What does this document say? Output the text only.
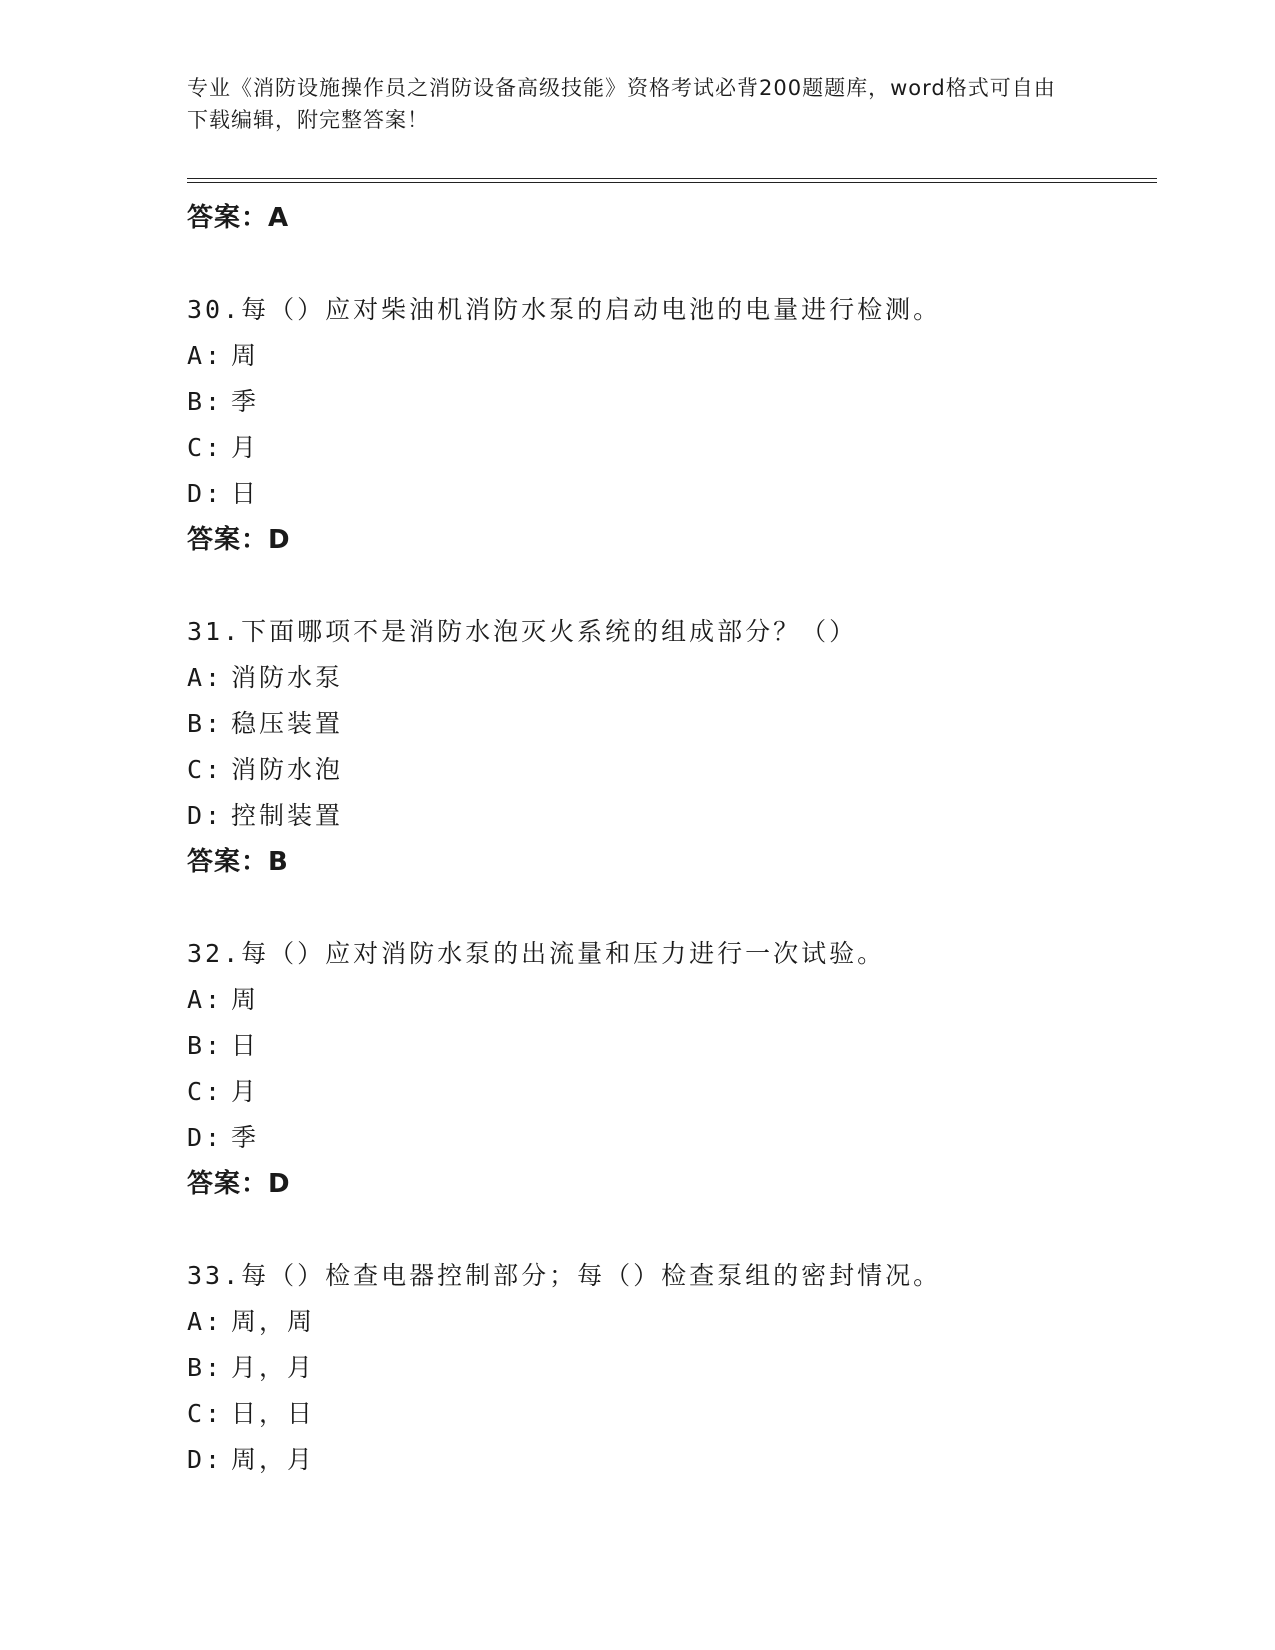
专业《消防设施操作员之消防设备高级技能》资格考试必背200题题库，word格式可自由下载编辑，附完整答案！

答案：A

30.每（）应对柴油机消防水泵的启动电池的电量进行检测。

A: 周

B: 季

C: 月

D: 日

答案：D

31.下面哪项不是消防水泡灭火系统的组成部分？（）

A: 消防水泵

B: 稳压装置

C: 消防水泡

D: 控制装置

答案：B

32.每（）应对消防水泵的出流量和压力进行一次试验。

A: 周

B: 日

C: 月

D: 季

答案：D

33.每（）检查电器控制部分；每（）检查泵组的密封情况。

A: 周，周

B: 月，月

C: 日，日

D: 周，月
